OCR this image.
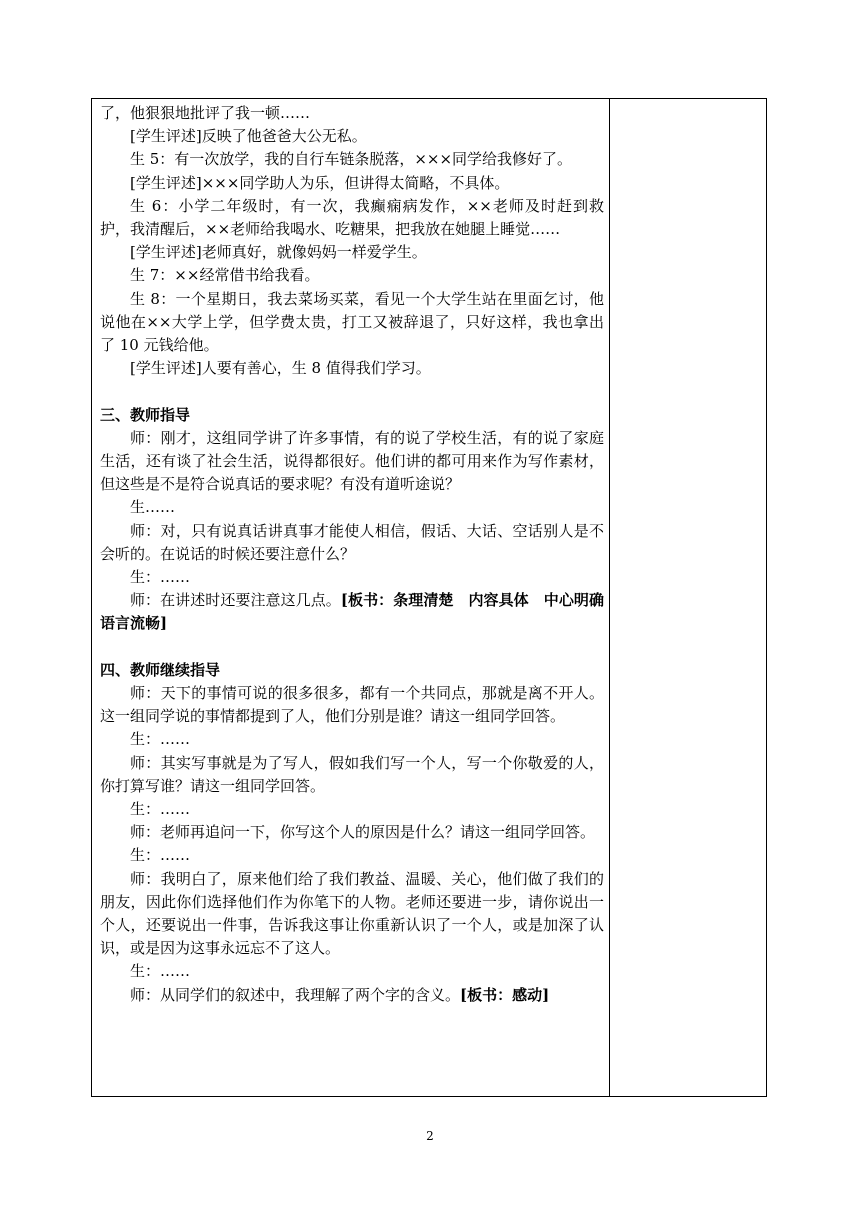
了，他狠狠地批评了我一顿……

[学生评述]反映了他爸爸大公无私。

生 5：有一次放学，我的自行车链条脱落，×××同学给我修好了。

[学生评述]×××同学助人为乐，但讲得太简略，不具体。

生 6：小学二年级时，有一次，我癫痫病发作，××老师及时赶到救护，我清醒后，××老师给我喝水、吃糖果，把我放在她腿上睡觉……

[学生评述]老师真好，就像妈妈一样爱学生。

生 7：××经常借书给我看。

生 8：一个星期日，我去菜场买菜，看见一个大学生站在里面乞讨，他说他在××大学上学，但学费太贵，打工又被辞退了，只好这样，我也拿出了 10 元钱给他。

[学生评述]人要有善心，生 8 值得我们学习。

三、教师指导

师：刚才，这组同学讲了许多事情，有的说了学校生活，有的说了家庭生活，还有谈了社会生活，说得都很好。他们讲的都可用来作为写作素材，但这些是不是符合说真话的要求呢？有没有道听途说？

生……

师：对，只有说真话讲真事才能使人相信，假话、大话、空话别人是不会听的。在说话的时候还要注意什么？

生：……

师：在讲述时还要注意这几点。[板书：条理清楚　内容具体　中心明确　语言流畅]

四、教师继续指导

师：天下的事情可说的很多很多，都有一个共同点，那就是离不开人。这一组同学说的事情都提到了人，他们分别是谁？请这一组同学回答。

生：……

师：其实写事就是为了写人，假如我们写一个人，写一个你敬爱的人，你打算写谁？请这一组同学回答。

生：……

师：老师再追问一下，你写这个人的原因是什么？请这一组同学回答。

生：……

师：我明白了，原来他们给了我们教益、温暖、关心，他们做了我们的朋友，因此你们选择他们作为你笔下的人物。老师还要进一步，请你说出一个人，还要说出一件事，告诉我这事让你重新认识了一个人，或是加深了认识，或是因为这事永远忘不了这人。

生：……

师：从同学们的叙述中，我理解了两个字的含义。[板书：感动]

2
